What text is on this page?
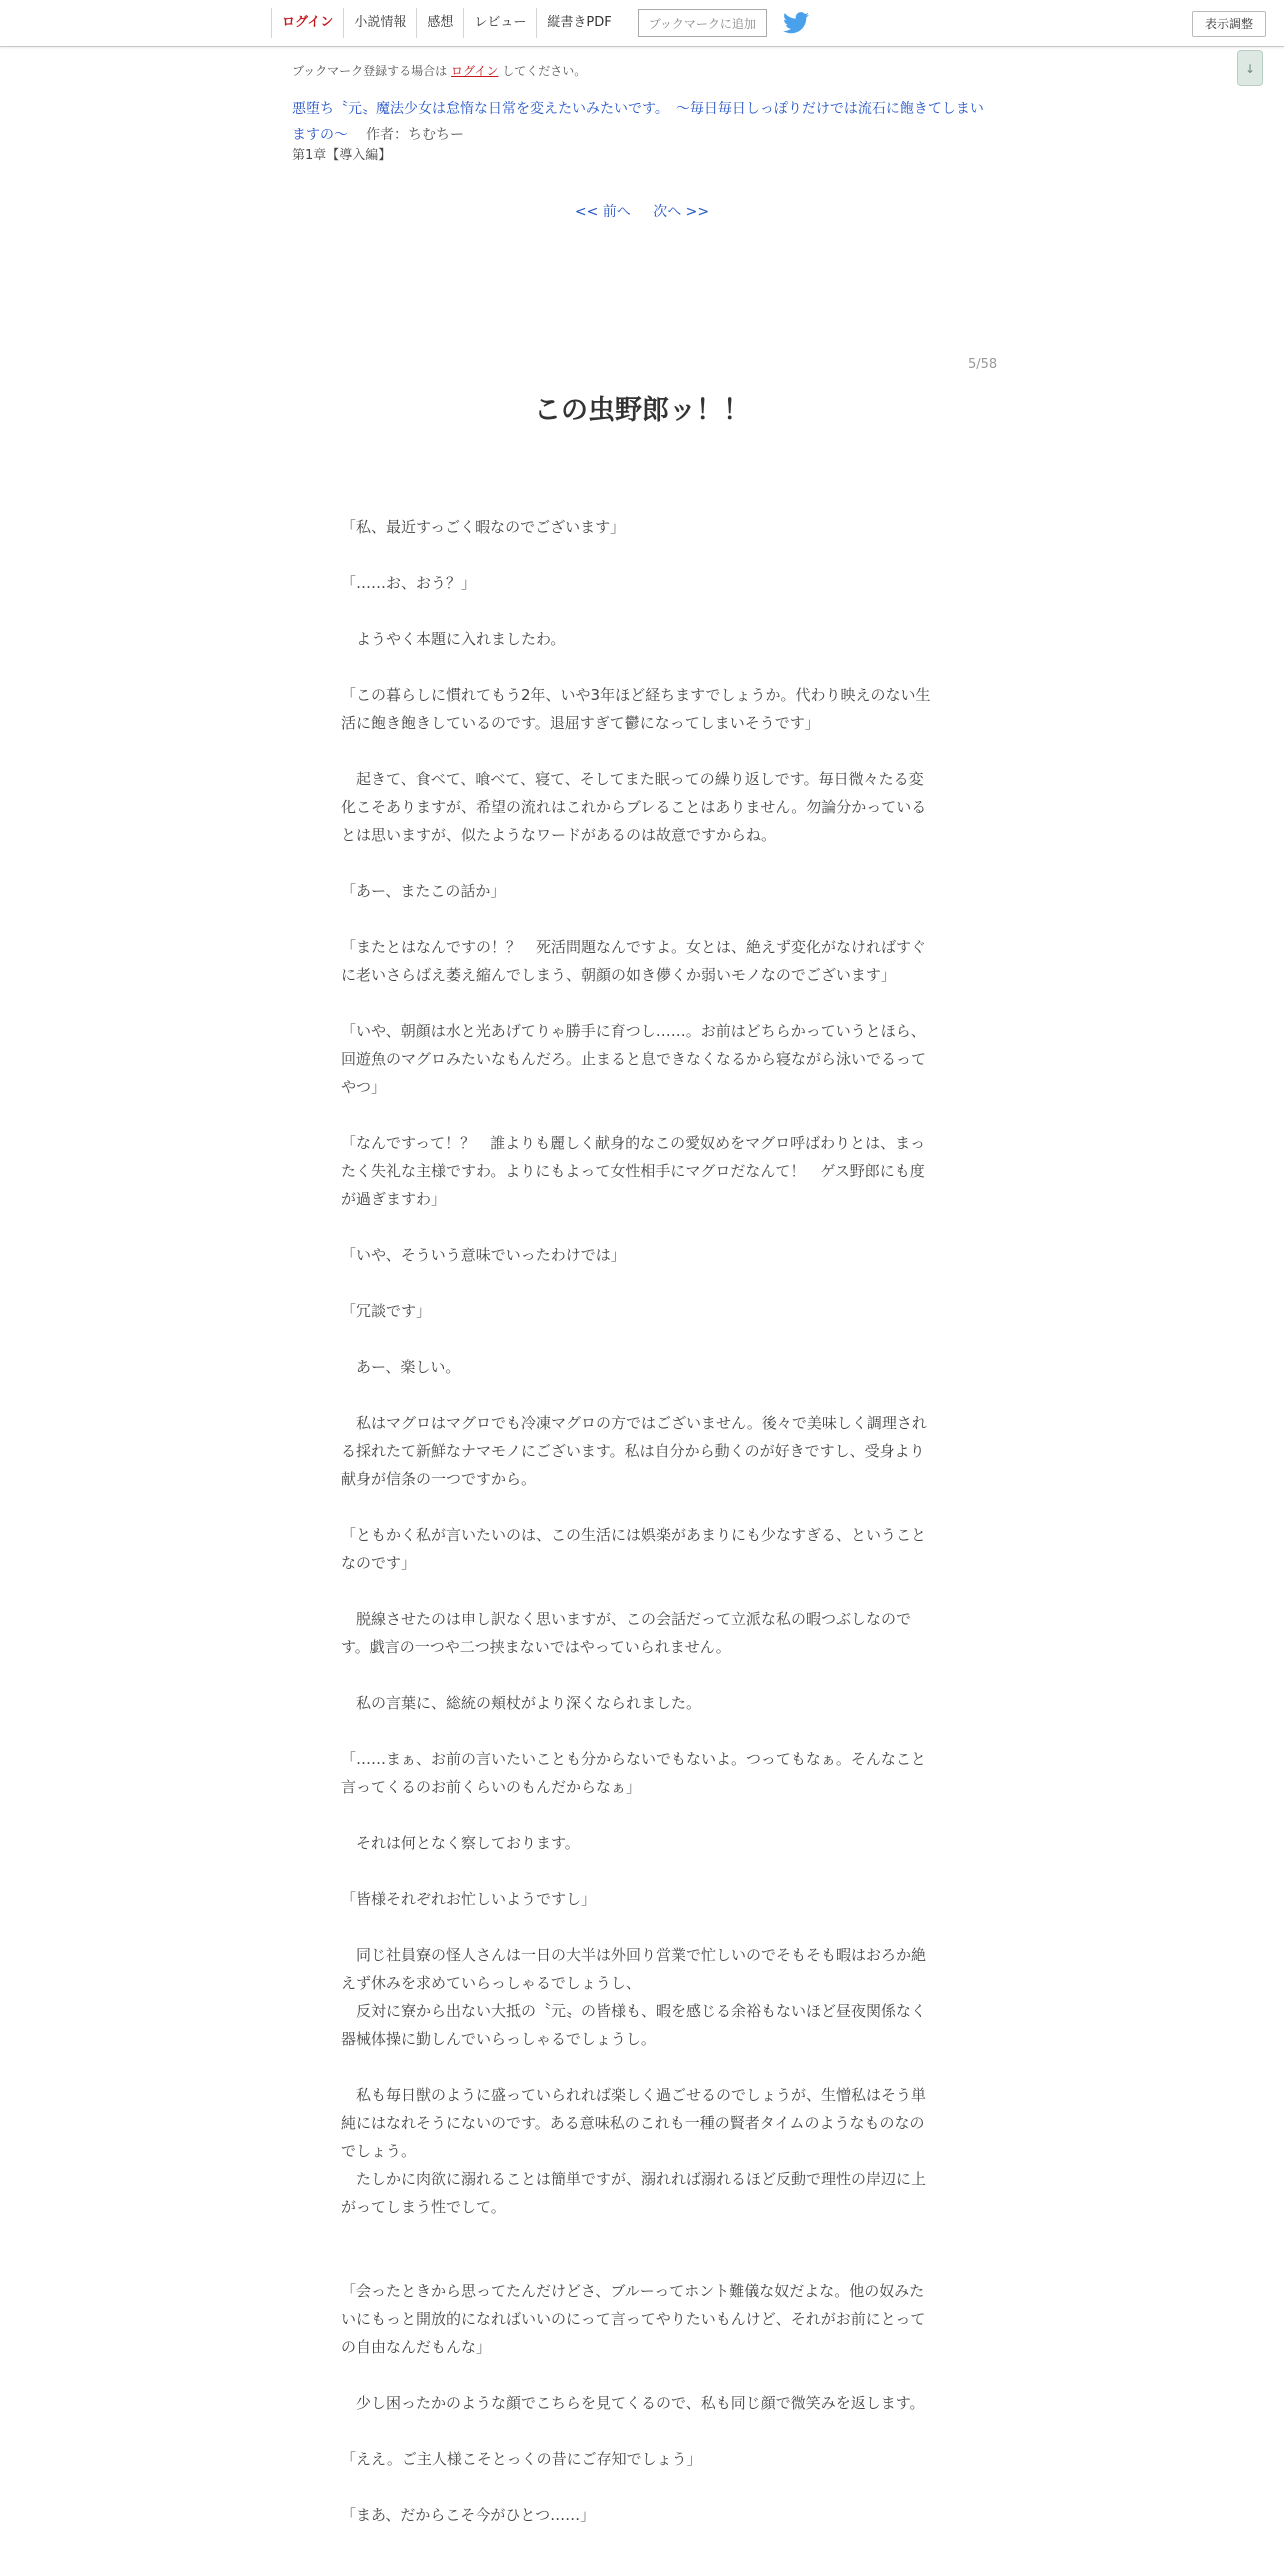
ログイン	小説情報	感想	レビュー	縦書きPDF	ブックマークに追加	表示調整
↓
ブックマーク登録する場合は ログイン してください。
悪堕ち〝元〟魔法少女は怠惰な日常を変えたいみたいです。　〜毎日毎日しっぽりだけでは流石に飽きてしまいますの〜 作者：ちむちー
第1章【導入編】
<< 前へ 次へ >>
5/58
この虫野郎ッ！！

「私、最近すっごく暇なのでございます」

「……お、おう？」

　ようやく本題に入れましたわ。

「この暮らしに慣れてもう2年、いや3年ほど経ちますでしょうか。代わり映えのない生活に飽き飽きしているのです。退屈すぎて鬱になってしまいそうです」

　起きて、食べて、喰べて、寝て、そしてまた眠っての繰り返しです。毎日微々たる変化こそありますが、希望の流れはこれからブレることはありません。勿論分かっているとは思いますが、似たようなワードがあるのは故意ですからね。

「あー、またこの話か」

「またとはなんですの！？　死活問題なんですよ。女とは、絶えず変化がなければすぐに老いさらばえ萎え縮んでしまう、朝顔の如き儚くか弱いモノなのでございます」

「いや、朝顔は水と光あげてりゃ勝手に育つし……。お前はどちらかっていうとほら、回遊魚のマグロみたいなもんだろ。止まると息できなくなるから寝ながら泳いでるってやつ」

「なんですって！？　誰よりも麗しく献身的なこの愛奴めをマグロ呼ばわりとは、まったく失礼な主様ですわ。よりにもよって女性相手にマグロだなんて！　ゲス野郎にも度が過ぎますわ」

「いや、そういう意味でいったわけでは」

「冗談です」

　あー、楽しい。

　私はマグロはマグロでも冷凍マグロの方ではございません。後々で美味しく調理される採れたて新鮮なナマモノにございます。私は自分から動くのが好きですし、受身より献身が信条の一つですから。

「ともかく私が言いたいのは、この生活には娯楽があまりにも少なすぎる、ということなのです」

　脱線させたのは申し訳なく思いますが、この会話だって立派な私の暇つぶしなのです。戯言の一つや二つ挟まないではやっていられません。

　私の言葉に、総統の頬杖がより深くなられました。

「……まぁ、お前の言いたいことも分からないでもないよ。つってもなぁ。そんなこと言ってくるのお前くらいのもんだからなぁ」

　それは何となく察しております。

「皆様それぞれお忙しいようですし」

　同じ社員寮の怪人さんは一日の大半は外回り営業で忙しいのでそもそも暇はおろか絶えず休みを求めていらっしゃるでしょうし、

　反対に寮から出ない大抵の〝元〟の皆様も、暇を感じる余裕もないほど昼夜関係なく器械体操に勤しんでいらっしゃるでしょうし。

　私も毎日獣のように盛っていられれば楽しく過ごせるのでしょうが、生憎私はそう単純にはなれそうにないのです。ある意味私のこれも一種の賢者タイムのようなものなのでしょう。

　たしかに肉欲に溺れることは簡単ですが、溺れれば溺れるほど反動で理性の岸辺に上がってしまう性でして。

「会ったときから思ってたんだけどさ、ブルーってホント難儀な奴だよな。他の奴みたいにもっと開放的になればいいのにって言ってやりたいもんけど、それがお前にとっての自由なんだもんな」

　少し困ったかのような顔でこちらを見てくるので、私も同じ顔で微笑みを返します。

「ええ。ご主人様こそとっくの昔にご存知でしょう」

「まあ、だからこそ今がひとつ……」
